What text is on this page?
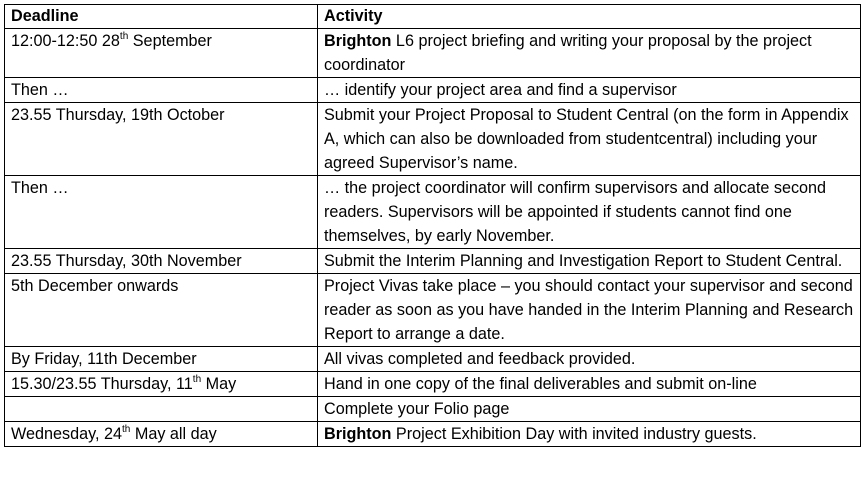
Deadline	Activity
12:00-12:50 28th September	Brighton L6 project briefing and writing your proposal by the project coordinator
Then …	… identify your project area and find a supervisor
23.55 Thursday, 19th October	Submit your Project Proposal to Student Central (on the form in Appendix A, which can also be downloaded from studentcentral) including your agreed Supervisor’s name.
Then …	… the project coordinator will confirm supervisors and allocate second readers. Supervisors will be appointed if students cannot find one themselves, by early November.
23.55 Thursday, 30th November	Submit the Interim Planning and Investigation Report to Student Central.
5th December onwards	Project Vivas take place – you should contact your supervisor and second reader as soon as you have handed in the Interim Planning and Research Report to arrange a date.
By Friday, 11th December	All vivas completed and feedback provided.
15.30/23.55 Thursday, 11th May	Hand in one copy of the final deliverables and submit on-line
	Complete your Folio page
Wednesday, 24th May all day	Brighton Project Exhibition Day with invited industry guests.
